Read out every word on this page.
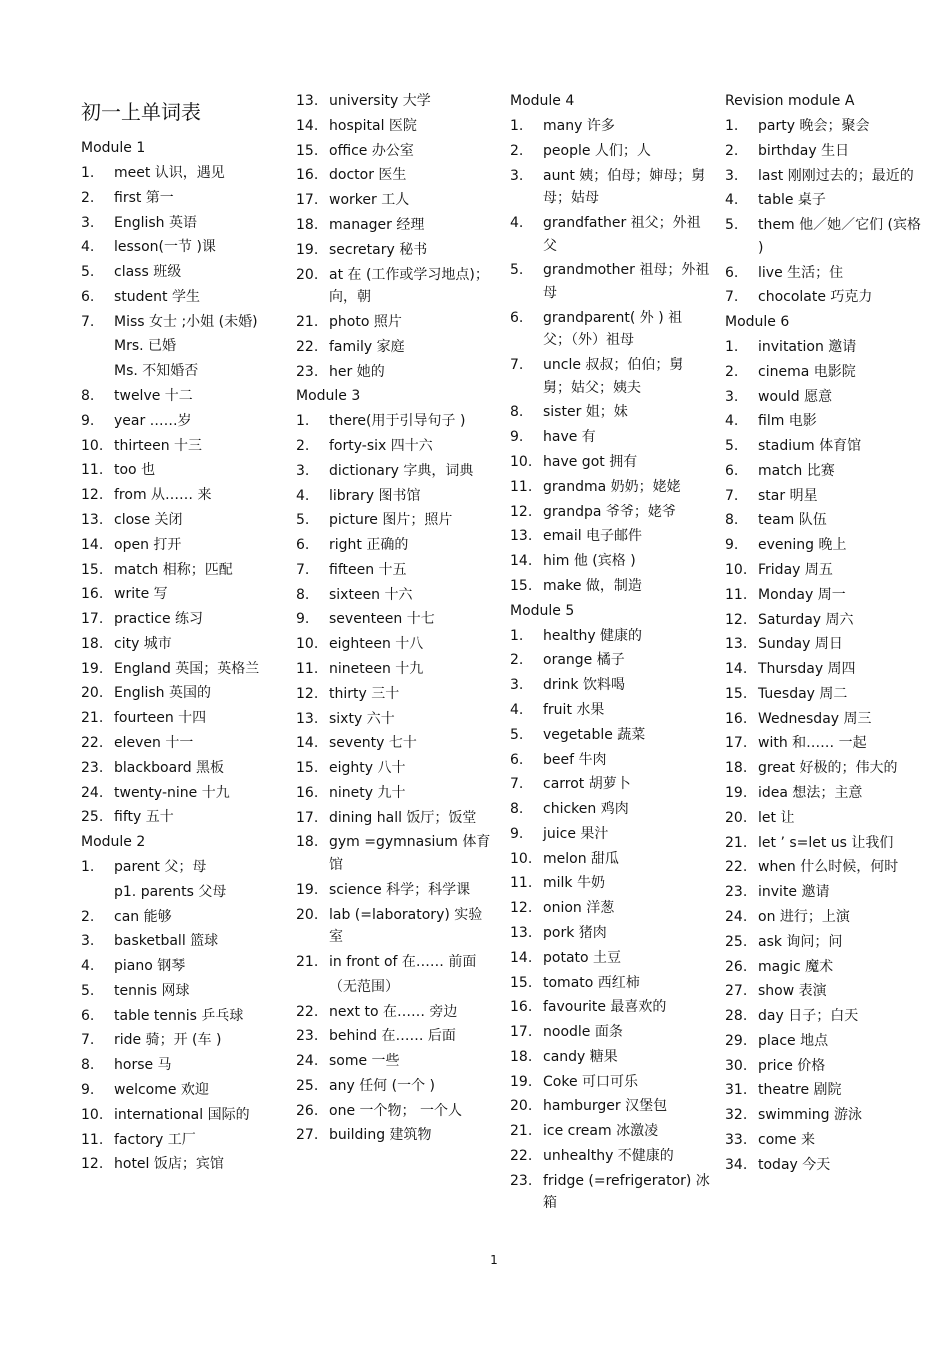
初一上单词表
Module 1
1.	meet 认识，遇见
2.	first 第一
3.	English 英语
4.	lesson(一节 )课
5.	class 班级
6.	student 学生
7.	Miss 女士 ;小姐 (未婚)
Mrs. 已婚
Ms. 不知婚否
8.	twelve 十二
9.	year ……岁
10. thirteen 十三
11. too 也
12. from 从…… 来
13. close 关闭
14. open 打开
15. match 相称；匹配
16. write 写
17. practice 练习
18. city 城市
19. England 英国；英格兰
20. English 英国的
21. fourteen 十四
22. eleven 十一
23. blackboard 黑板
24. twenty-nine 十九
25. fifty 五十
Module 2
1.	parent 父；母
p1. parents 父母
2.	can 能够
3.	basketball 篮球
4.	piano 钢琴
5.	tennis 网球
6.	table tennis 乒乓球
7.	ride 骑；开 (车 )
8.	horse 马
9.	welcome 欢迎
10. international 国际的
11. factory 工厂
12. hotel 饭店；宾馆
13. university 大学
14. hospital 医院
15. office 办公室
16. doctor 医生
17. worker 工人
18. manager 经理
19. secretary 秘书
20. at 在 (工作或学习地点)；向，朝
21. photo 照片
22. family 家庭
23. her 她的
Module 3
1.	there(用于引导句子 )
2.	forty-six 四十六
3.	dictionary 字典，词典
4.	library 图书馆
5.	picture 图片；照片
6.	right 正确的
7.	fifteen 十五
8.	sixteen 十六
9.	seventeen 十七
10. eighteen 十八
11. nineteen 十九
12. thirty 三十
13. sixty 六十
14. seventy 七十
15. eighty 八十
16. ninety 九十
17. dining hall 饭厅；饭堂
18. gym =gymnasium 体育馆
19. science 科学；科学课
20. lab (=laboratory) 实验室
21. in front of 在…… 前面
（无范围）
22. next to 在…… 旁边
23. behind 在…… 后面
24. some 一些
25. any 任何 (一个 )
26. one 一个物； 一个人
27. building 建筑物
Module 4
1.	many 许多
2.	people 人们；人
3.	aunt 姨；伯母；婶母；舅母；姑母
4.	grandfather 祖父；外祖父
5.	grandmother 祖母；外祖母
6.	grandparent( 外 ) 祖父；（外）祖母
7.	uncle 叔叔；伯伯；舅舅；姑父；姨夫
8.	sister 姐；妹
9.	have 有
10. have got 拥有
11. grandma 奶奶；姥姥
12. grandpa 爷爷；姥爷
13. email 电子邮件
14. him 他 (宾格 )
15. make 做，制造
Module 5
1.	healthy 健康的
2.	orange 橘子
3.	drink 饮料喝
4.	fruit 水果
5.	vegetable 蔬菜
6.	beef 牛肉
7.	carrot 胡萝卜
8.	chicken 鸡肉
9.	juice 果汁
10. melon 甜瓜
11. milk 牛奶
12. onion 洋葱
13. pork 猪肉
14. potato 土豆
15. tomato 西红柿
16. favourite 最喜欢的
17. noodle 面条
18. candy 糖果
19. Coke 可口可乐
20. hamburger 汉堡包
21. ice cream 冰激凌
22. unhealthy 不健康的
23. fridge (=refrigerator) 冰箱
Revision module A
1.	party 晚会；聚会
2.	birthday 生日
3.	last 刚刚过去的；最近的
4.	table 桌子
5.	them 他／她／它们 (宾格 )
6.	live 生活；住
7.	chocolate 巧克力
Module 6
1.	invitation 邀请
2.	cinema 电影院
3.	would 愿意
4.	film 电影
5.	stadium 体育馆
6.	match 比赛
7.	star 明星
8.	team 队伍
9.	evening 晚上
10. Friday 周五
11. Monday 周一
12. Saturday 周六
13. Sunday 周日
14. Thursday 周四
15. Tuesday 周二
16. Wednesday 周三
17. with 和…… 一起
18. great 好极的；伟大的
19. idea 想法；主意
20. let 让
21. let ’ s=let us 让我们
22. when 什么时候，何时
23. invite 邀请
24. on 进行；上演
25. ask 询问；问
26. magic 魔术
27. show 表演
28. day 日子；白天
29. place 地点
30. price 价格
31. theatre 剧院
32. swimming 游泳
33. come 来
34. today 今天
1
